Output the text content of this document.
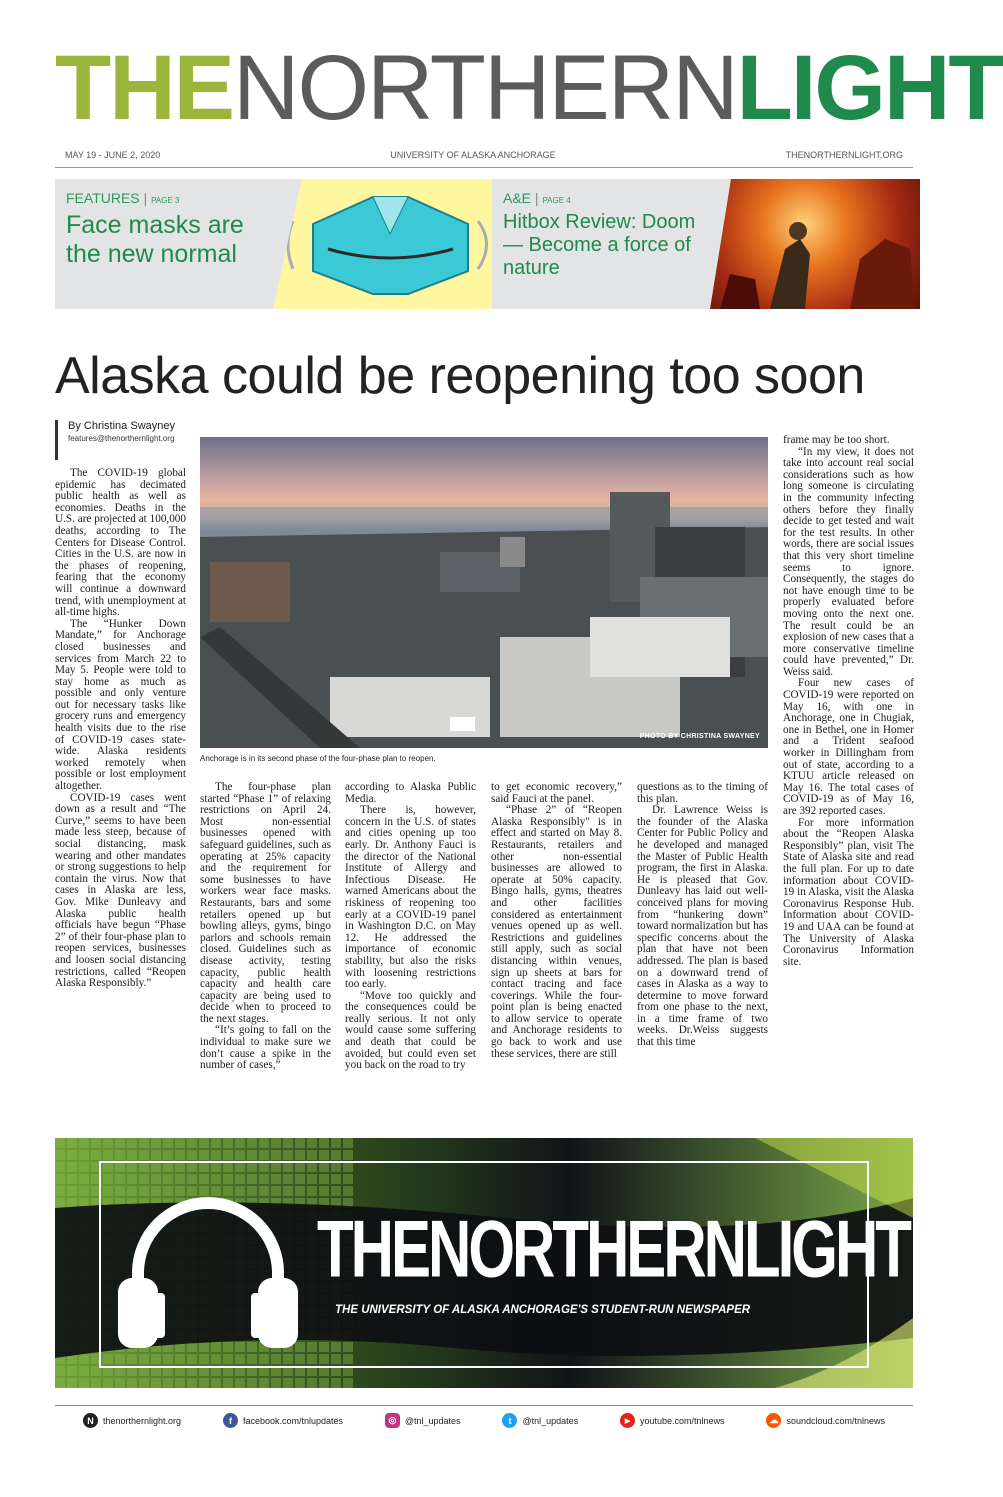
THENORTHERNLIGHT
MAY 19 - JUNE 2, 2020	UNIVERSITY OF ALASKA ANCHORAGE	THENORTHERNLIGHT.ORG
FEATURES | PAGE 3
Face masks are the new normal
A&E | PAGE 4
Hitbox Review: Doom — Become a force of nature
Alaska could be reopening too soon
By Christina Swayney
features@thenorthernlight.org
PHOTO BY CHRISTINA SWAYNEY
Anchorage is in its second phase of the four-phase plan to reopen.

The COVID-19 global epidemic has decimated public health as well as economies. Deaths in the U.S. are projected at 100,000 deaths, according to The Centers for Disease Control. Cities in the U.S. are now in the phases of reopening, fearing that the economy will continue a downward trend, with unemployment at all-time highs.

The “Hunker Down Mandate,” for Anchorage closed businesses and services from March 22 to May 5. People were told to stay home as much as possible and only venture out for necessary tasks like grocery runs and emergency health visits due to the rise of COVID-19 cases state-wide. Alaska residents worked remotely when possible or lost employment altogether.

COVID-19 cases went down as a result and “The Curve,” seems to have been made less steep, because of social distancing, mask wearing and other mandates or strong suggestions to help contain the virus. Now that cases in Alaska are less, Gov. Mike Dunleavy and Alaska public health officials have begun “Phase 2” of their four-phase plan to reopen services, businesses and loosen social distancing restrictions, called “Reopen Alaska Responsibly.”

The four-phase plan started “Phase 1” of relaxing restrictions on April 24. Most non-essential businesses opened with safeguard guidelines, such as operating at 25% capacity and the requirement for some businesses to have workers wear face masks. Restaurants, bars and some retailers opened up but bowling alleys, gyms, bingo parlors and schools remain closed. Guidelines such as disease activity, testing capacity, public health capacity and health care capacity are being used to decide when to proceed to the next stages.

“It’s going to fall on the individual to make sure we don’t cause a spike in the number of cases,”

according to Alaska Public Media.

There is, however, concern in the U.S. of states and cities opening up too early. Dr. Anthony Fauci is the director of the National Institute of Allergy and Infectious Disease. He warned Americans about the riskiness of reopening too early at a COVID-19 panel in Washington D.C. on May 12. He addressed the importance of economic stability, but also the risks with loosening restrictions too early.

“Move too quickly and the consequences could be really serious. It not only would cause some suffering and death that could be avoided, but could even set you back on the road to try

to get economic recovery,” said Fauci at the panel.

“Phase 2” of “Reopen Alaska Responsibly" is in effect and started on May 8. Restaurants, retailers and other non-essential businesses are allowed to operate at 50% capacity. Bingo halls, gyms, theatres and other facilities considered as entertainment venues opened up as well. Restrictions and guidelines still apply, such as social distancing within venues, sign up sheets at bars for contact tracing and face coverings. While the four-point plan is being enacted to allow service to operate and Anchorage residents to go back to work and use these services, there are still

questions as to the timing of this plan.

Dr. Lawrence Weiss is the founder of the Alaska Center for Public Policy and he developed and managed the Master of Public Health program, the first in Alaska. He is pleased that Gov. Dunleavy has laid out well-conceived plans for moving from “hunkering down” toward normalization but has specific concerns about the plan that have not been addressed. The plan is based on a downward trend of cases in Alaska as a way to determine to move forward from one phase to the next, in a time frame of two weeks. Dr.Weiss suggests that this time

frame may be too short.

“In my view, it does not take into account real social considerations such as how long someone is circulating in the community infecting others before they finally decide to get tested and wait for the test results. In other words, there are social issues that this very short timeline seems to ignore. Consequently, the stages do not have enough time to be properly evaluated before moving onto the next one. The result could be an explosion of new cases that a more conservative timeline could have prevented,” Dr. Weiss said.

Four new cases of COVID-19 were reported on May 16, with one in Anchorage, one in Chugiak, one in Bethel, one in Homer and a Trident seafood worker in Dillingham from out of state, according to a KTUU article released on May 16. The total cases of COVID-19 as of May 16, are 392 reported cases.

For more information about the “Reopen Alaska Responsibly” plan, visit The State of Alaska site and read the full plan. For up to date information about COVID-19 in Alaska, visit the Alaska Coronavirus Response Hub. Information about COVID-19 and UAA can be found at The University of Alaska Coronavirus Information site.

THENORTHERNLIGHT
THE UNIVERSITY OF ALASKA ANCHORAGE'S STUDENT-RUN NEWSPAPER
N	thenorthernlight.org	f	facebook.com/tnlupdates	◎ @tnl_updates	t	@tnl_updates	▶	youtube.com/tnlnews	☁ soundcloud.com/tnlnews
